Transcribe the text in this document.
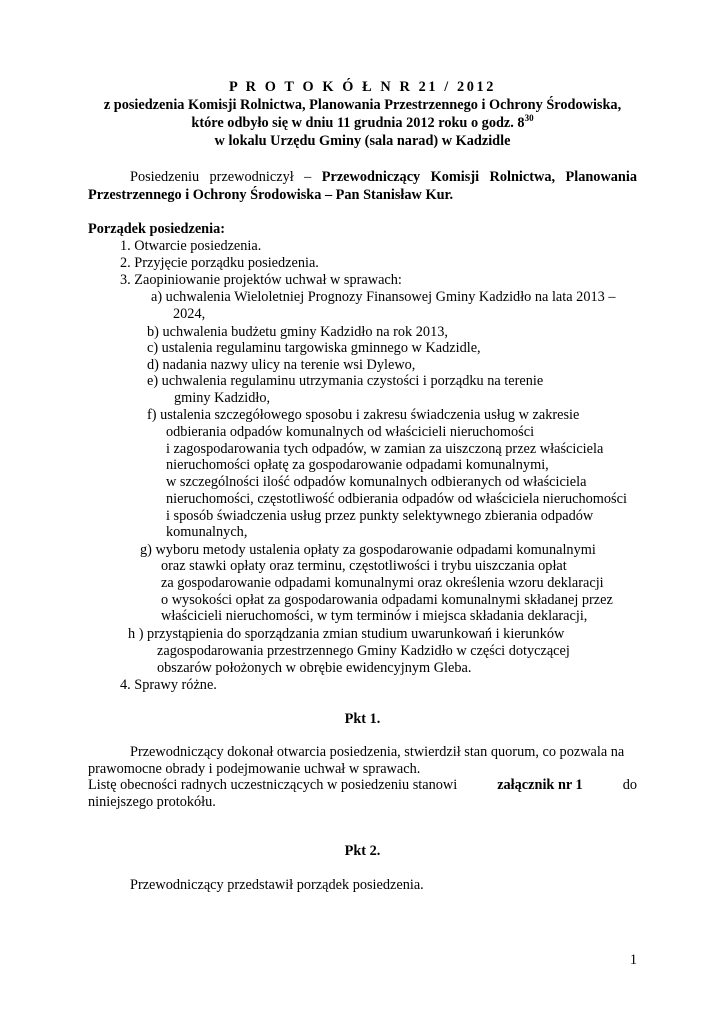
P R O T O K Ó Ł N R 21 / 2012
z posiedzenia Komisji Rolnictwa, Planowania Przestrzennego i Ochrony Środowiska,
które odbyło się w dniu 11 grudnia 2012 roku o godz. $8^{30}$
w lokalu Urzędu Gminy (sala narad) w Kadzidle
Posiedzeniu przewodniczył – Przewodniczący Komisji Rolnictwa, Planowania
Przestrzennego i Ochrony Środowiska – Pan Stanisław Kur.
Porządek posiedzenia:
1. Otwarcie posiedzenia.
2. Przyjęcie porządku posiedzenia.
3. Zaopiniowanie projektów uchwał w sprawach:
a) uchwalenia Wieloletniej Prognozy Finansowej Gminy Kadzidło na lata 2013 –
2024,
b) uchwalenia budżetu gminy Kadzidło na rok 2013,
c) ustalenia regulaminu targowiska gminnego w Kadzidle,
d) nadania nazwy ulicy na terenie wsi Dylewo,
e) uchwalenia regulaminu utrzymania czystości i porządku na terenie
gminy Kadzidło,
f) ustalenia szczegółowego sposobu i zakresu świadczenia usług w zakresie
odbierania odpadów komunalnych od właścicieli nieruchomości
i zagospodarowania tych odpadów, w zamian za uiszczoną przez właściciela
nieruchomości opłatę za gospodarowanie odpadami komunalnymi,
w szczególności ilość odpadów komunalnych odbieranych od właściciela
nieruchomości, częstotliwość odbierania odpadów od właściciela nieruchomości
i sposób świadczenia usług przez punkty selektywnego zbierania odpadów
komunalnych,
g) wyboru metody ustalenia opłaty za gospodarowanie odpadami komunalnymi
oraz stawki opłaty oraz terminu, częstotliwości i trybu uiszczania opłat
za gospodarowanie odpadami komunalnymi oraz określenia wzoru deklaracji
o wysokości opłat za gospodarowania odpadami komunalnymi składanej przez
właścicieli nieruchomości, w tym terminów i miejsca składania deklaracji,
h ) przystąpienia do sporządzania zmian studium uwarunkowań i kierunków
zagospodarowania przestrzennego Gminy Kadzidło w części dotyczącej
obszarów położonych w obrębie ewidencyjnym Gleba.
4. Sprawy różne.
Pkt 1.
Przewodniczący dokonał otwarcia posiedzenia, stwierdził stan quorum, co pozwala na
prawomocne obrady i podejmowanie uchwał w sprawach.
Listę obecności radnych uczestniczących w posiedzeniu stanowi	załącznik nr 1	do
niniejszego protokółu.
Pkt 2.
Przewodniczący przedstawił porządek posiedzenia.
1
